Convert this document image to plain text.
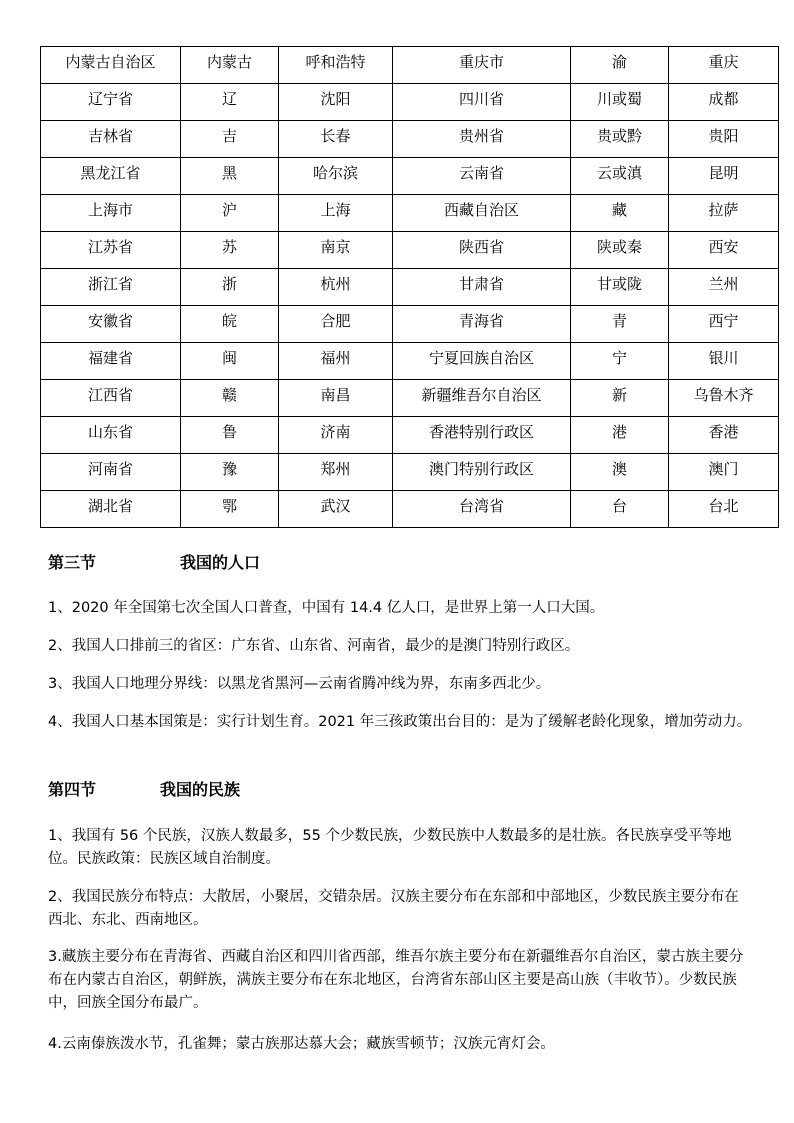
内蒙古自治区	内蒙古	呼和浩特	重庆市	渝	重庆
辽宁省	辽	沈阳	四川省	川或蜀	成都
吉林省	吉	长春	贵州省	贵或黔	贵阳
黑龙江省	黑	哈尔滨	云南省	云或滇	昆明
上海市	沪	上海	西藏自治区	藏	拉萨
江苏省	苏	南京	陕西省	陕或秦	西安
浙江省	浙	杭州	甘肃省	甘或陇	兰州
安徽省	皖	合肥	青海省	青	西宁
福建省	闽	福州	宁夏回族自治区	宁	银川
江西省	赣	南昌	新疆维吾尔自治区	新	乌鲁木齐
山东省	鲁	济南	香港特别行政区	港	香港
河南省	豫	郑州	澳门特别行政区	澳	澳门
湖北省	鄂	武汉	台湾省	台	台北
第三节	我国的人口

1、2020 年全国第七次全国人口普查，中国有 14.4 亿人口，是世界上第一人口大国。

2、我国人口排前三的省区：广东省、山东省、河南省，最少的是澳门特别行政区。

3、我国人口地理分界线：以黑龙省黑河—云南省腾冲线为界，东南多西北少。

4、我国人口基本国策是：实行计划生育。2021 年三孩政策出台目的：是为了缓解老龄化现象，增加劳动力。

第四节	我国的民族

1、我国有 56 个民族，汉族人数最多，55 个少数民族，少数民族中人数最多的是壮族。各民族享受平等地位。民族政策：民族区域自治制度。

2、我国民族分布特点：大散居，小聚居，交错杂居。汉族主要分布在东部和中部地区，少数民族主要分布在西北、东北、西南地区。

3.藏族主要分布在青海省、西藏自治区和四川省西部，维吾尔族主要分布在新疆维吾尔自治区，蒙古族主要分布在内蒙古自治区，朝鲜族，满族主要分布在东北地区，台湾省东部山区主要是高山族（丰收节）。少数民族中，回族全国分布最广。

4.云南傣族泼水节，孔雀舞；蒙古族那达慕大会；藏族雪顿节；汉族元宵灯会。
